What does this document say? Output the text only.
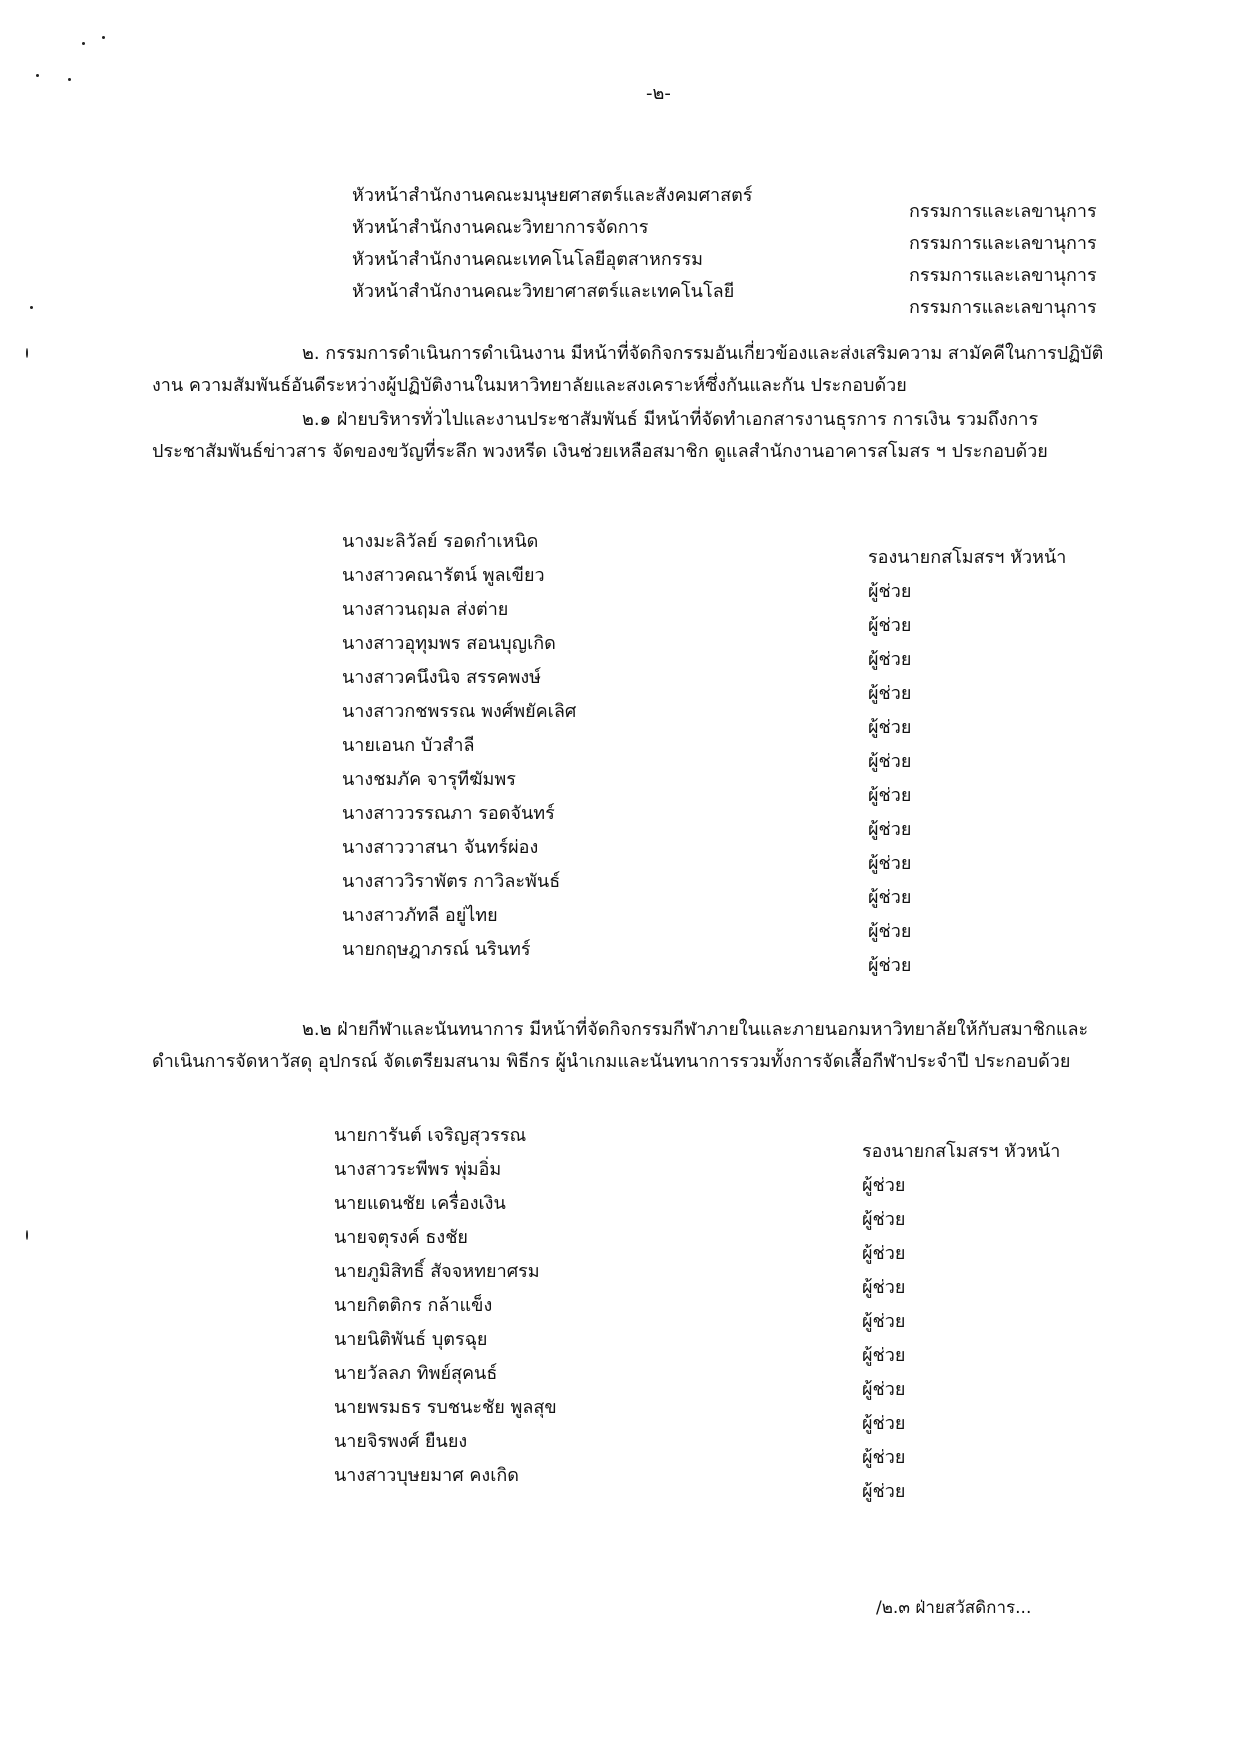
-๒-
หัวหน้าสำนักงานคณะมนุษยศาสตร์และสังคมศาสตร์
กรรมการและเลขานุการ
หัวหน้าสำนักงานคณะวิทยาการจัดการ
กรรมการและเลขานุการ
หัวหน้าสำนักงานคณะเทคโนโลยีอุตสาหกรรม
กรรมการและเลขานุการ
หัวหน้าสำนักงานคณะวิทยาศาสตร์และเทคโนโลยี
กรรมการและเลขานุการ
๒. กรรมการดำเนินการดำเนินงาน มีหน้าที่จัดกิจกรรมอันเกี่ยวข้องและส่งเสริมความ สามัคคีในการปฏิบัติงาน ความสัมพันธ์อันดีระหว่างผู้ปฏิบัติงานในมหาวิทยาลัยและสงเคราะห์ซึ่งกันและกัน ประกอบด้วย
๒.๑ ฝ่ายบริหารทั่วไปและงานประชาสัมพันธ์ มีหน้าที่จัดทำเอกสารงานธุรการ การเงิน รวมถึงการประชาสัมพันธ์ข่าวสาร จัดของขวัญที่ระลึก พวงหรีด เงินช่วยเหลือสมาชิก ดูแลสำนักงานอาคารสโมสร ฯ ประกอบด้วย
นางมะลิวัลย์ รอดกำเหนิด
รองนายกสโมสรฯ หัวหน้า
นางสาวคณารัตน์ พูลเขียว
ผู้ช่วย
นางสาวนฤมล ส่งต่าย
ผู้ช่วย
นางสาวอุทุมพร สอนบุญเกิด
ผู้ช่วย
นางสาวคนึงนิจ สรรคพงษ์
ผู้ช่วย
นางสาวกชพรรณ พงศ์พยัคเลิศ
ผู้ช่วย
นายเอนก บัวสำลี
ผู้ช่วย
นางชมภัค จารุทีฆัมพร
ผู้ช่วย
นางสาววรรณภา รอดจันทร์
ผู้ช่วย
นางสาววาสนา จันทร์ผ่อง
ผู้ช่วย
นางสาววิราพัตร กาวิละพันธ์
ผู้ช่วย
นางสาวภัทลี อยู่ไทย
ผู้ช่วย
นายกฤษฎาภรณ์ นรินทร์
ผู้ช่วย
๒.๒ ฝ่ายกีฬาและนันทนาการ มีหน้าที่จัดกิจกรรมกีฬาภายในและภายนอกมหาวิทยาลัยให้กับสมาชิกและดำเนินการจัดหาวัสดุ อุปกรณ์ จัดเตรียมสนาม พิธีกร ผู้นำเกมและนันทนาการรวมทั้งการจัดเสื้อกีฬาประจำปี ประกอบด้วย
นายการันต์ เจริญสุวรรณ
รองนายกสโมสรฯ หัวหน้า
นางสาวระพีพร พุ่มอิ่ม
ผู้ช่วย
นายแดนชัย เครื่องเงิน
ผู้ช่วย
นายจตุรงค์ ธงชัย
ผู้ช่วย
นายภูมิสิทธิ์ สัจจหทยาศรม
ผู้ช่วย
นายกิตติกร กล้าแข็ง
ผู้ช่วย
นายนิติพันธ์ บุตรฉุย
ผู้ช่วย
นายวัลลภ ทิพย์สุคนธ์
ผู้ช่วย
นายพรมธร รบชนะชัย พูลสุข
ผู้ช่วย
นายจิรพงศ์ ยืนยง
ผู้ช่วย
นางสาวบุษยมาศ คงเกิด
ผู้ช่วย
/๒.๓ ฝ่ายสวัสดิการ...
